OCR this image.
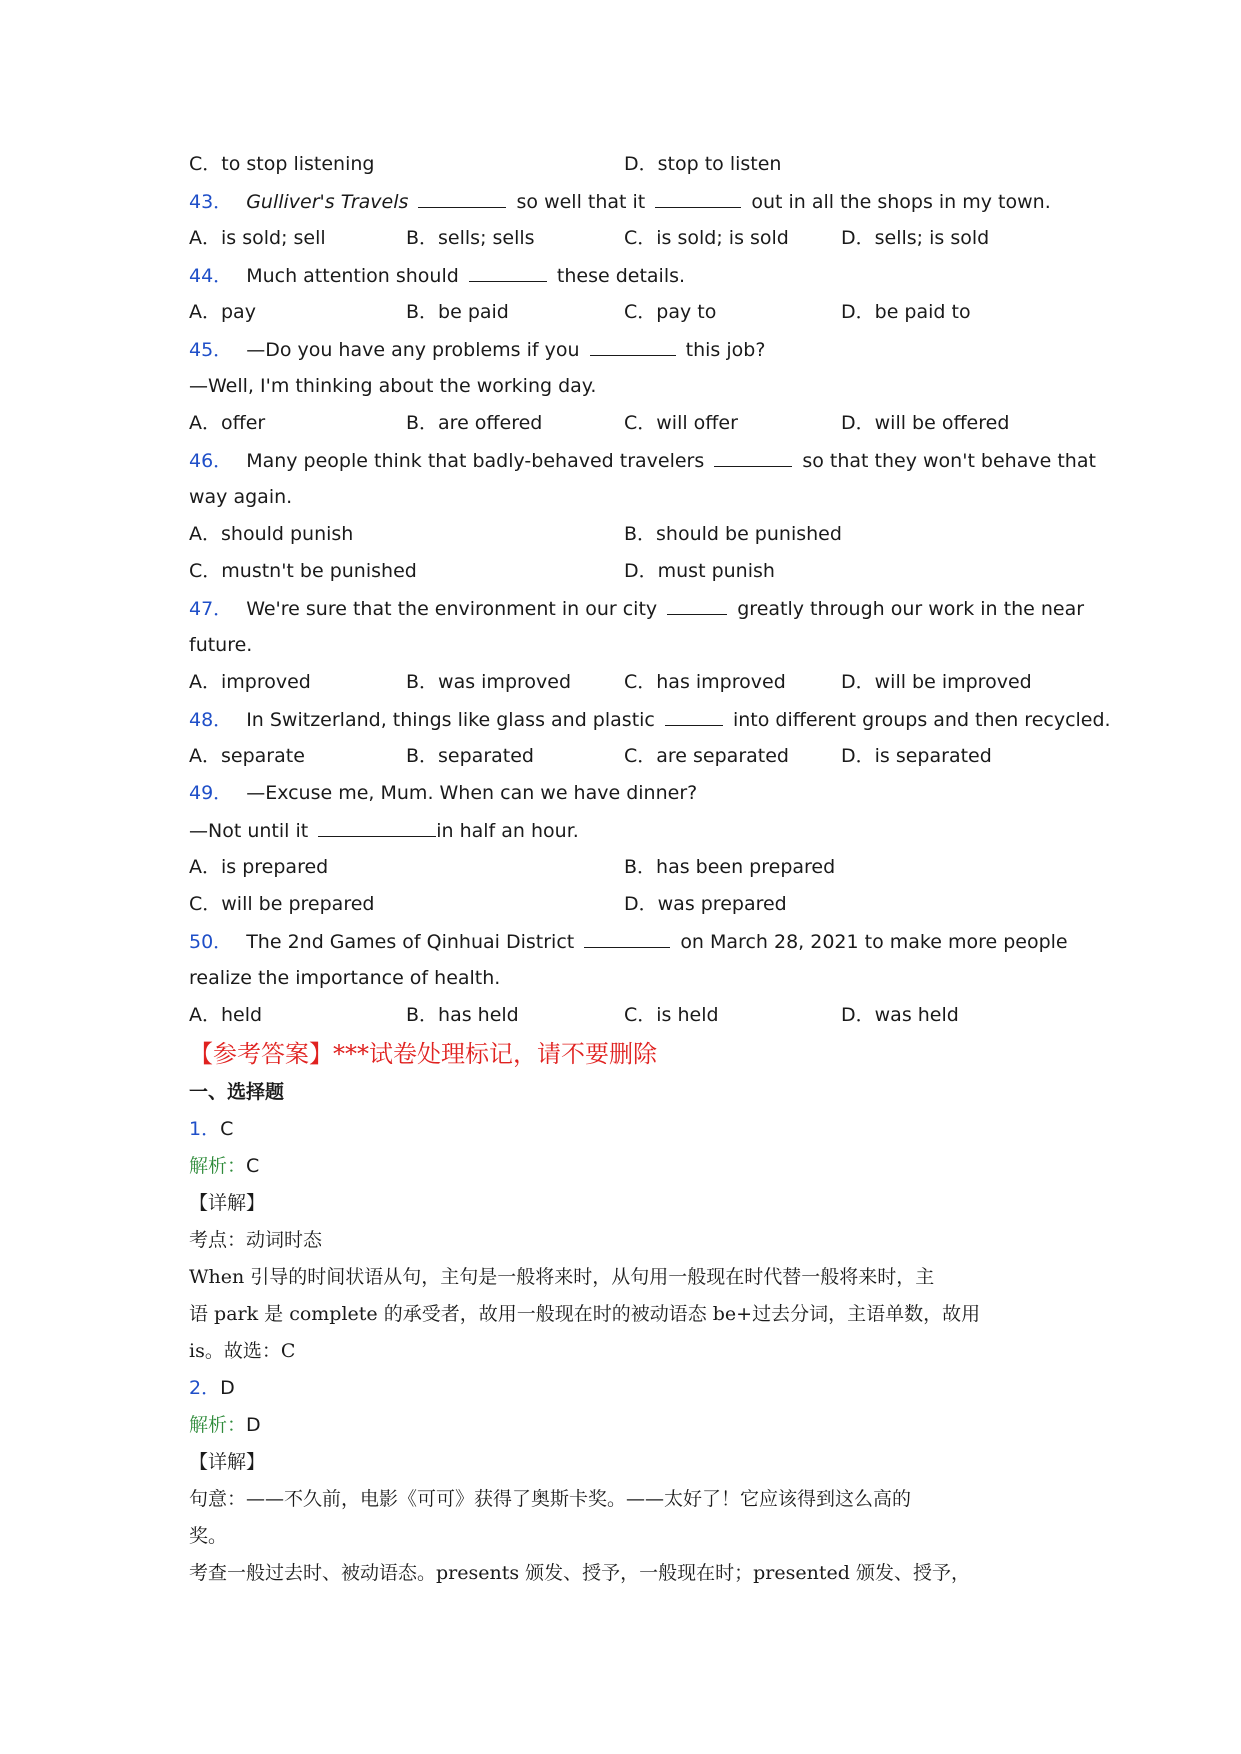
C．to stop listening	D．stop to listen
43． Gulliver's Travels	so well that it	out in all the shops in my town.
A．is sold; sell	B．sells; sells	C．is sold; is sold	D．sells; is sold
44． Much attention should	these details.
A．pay	B．be paid	C．pay to	D．be paid to
45． —Do you have any problems if you	this job?
—Well, I'm thinking about the working day.
A．offer	B．are offered	C．will offer	D．will be offered
46． Many people think that badly-behaved travelers	so that they won't behave that
way again.
A．should punish	B．should be punished
C．mustn't be punished	D．must punish
47． We're sure that the environment in our city	greatly through our work in the near
future.
A．improved	B．was improved	C．has improved	D．will be improved
48． In Switzerland, things like glass and plastic	into different groups and then recycled.
A．separate	B．separated	C．are separated	D．is separated
49． —Excuse me, Mum. When can we have dinner?
—Not until it	in half an hour.
A．is prepared	B．has been prepared
C．will be prepared	D．was prepared
50． The 2nd Games of Qinhuai District	on March 28, 2021 to make more people
realize the importance of health.
A．held	B．has held	C．is held	D．was held
【参考答案】***试卷处理标记，请不要删除
一、选择题
1．C
解析：C
【详解】
考点：动词时态
When 引导的时间状语从句，主句是一般将来时，从句用一般现在时代替一般将来时，主
语 park 是 complete 的承受者，故用一般现在时的被动语态 be+过去分词，主语单数，故用
is。故选：C
2．D
解析：D
【详解】
句意：——不久前，电影《可可》获得了奥斯卡奖。——太好了！它应该得到这么高的
奖。
考查一般过去时、被动语态。presents 颁发、授予，一般现在时；presented 颁发、授予，
